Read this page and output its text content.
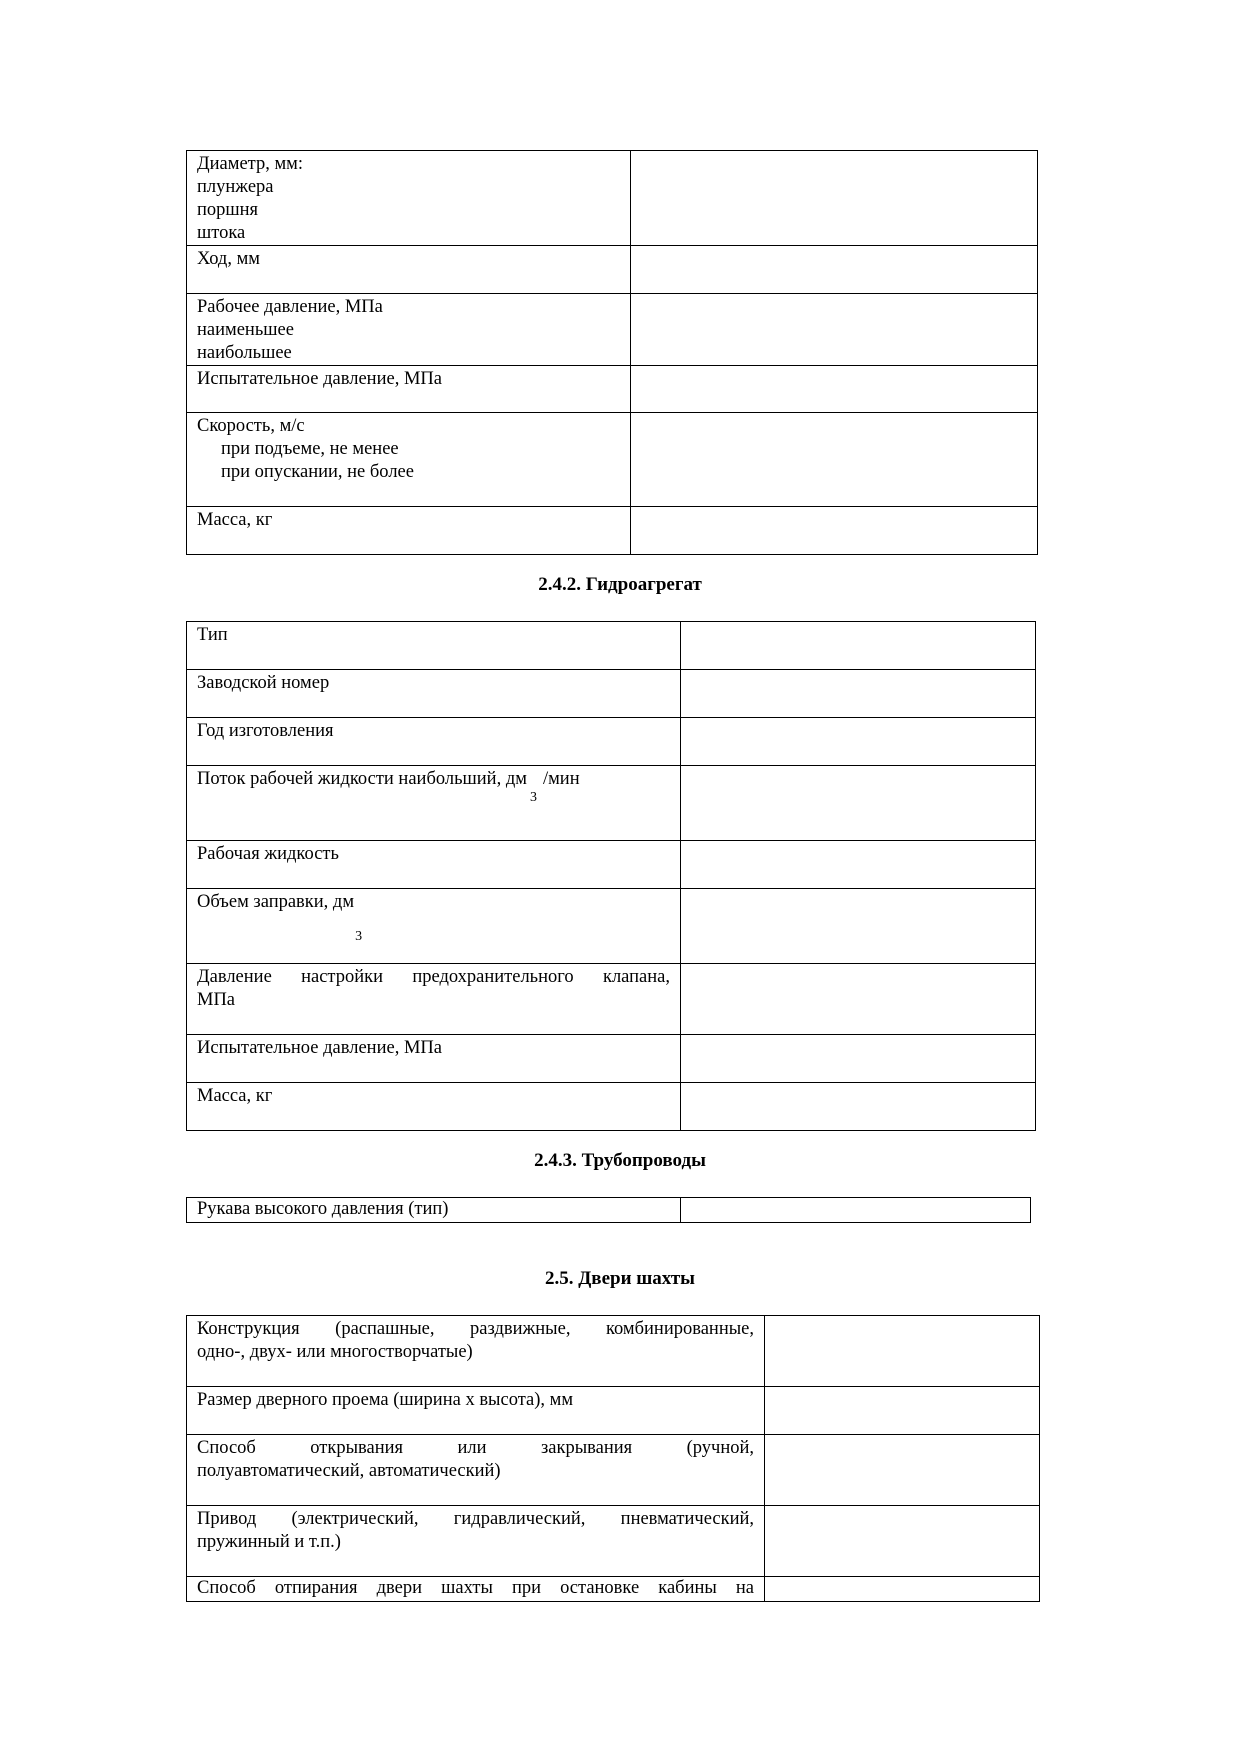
Диаметр, мм:
плунжера
поршня
штока	

Ход, мм	

Рабочее давление, МПа
наименьшее
наибольшее	

Испытательное давление, МПа	

Скорость, м/с
при подъеме, не менее
при опускании, не более	

Масса, кг	

2.4.2. Гидроагрегат
Тип	

Заводской номер	

Год изготовления	

Поток рабочей жидкости наибольший, дм
3
/мин	

Рабочая жидкость	

Объем заправки, дм
3	

Давление настройки предохранительного клапана,
МПа	

Испытательное давление, МПа	

Масса, кг	

2.4.3. Трубопроводы
Рукава высокого давления (тип)

2.5. Двери шахты
Конструкция (распашные, раздвижные, комбинированные,
одно-, двух- или многостворчатые)	

Размер дверного проема (ширина х высота), мм	

Способ открывания или закрывания (ручной,
полуавтоматический, автоматический)	

Привод (электрический, гидравлический, пневматический,
пружинный и т.п.)	

Способ отпирания двери шахты при остановке кабины на	
